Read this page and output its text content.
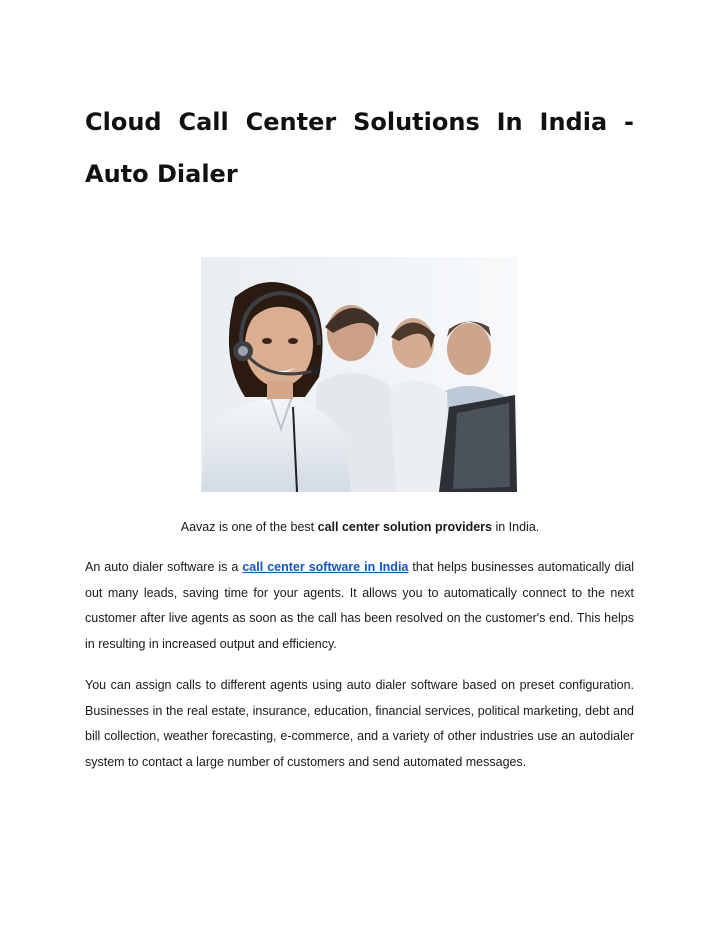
Cloud Call Center Solutions In India - Auto Dialer

Aavaz is one of the best call center solution providers in India.

An auto dialer software is a call center software in India that helps businesses automatically dial out many leads, saving time for your agents. It allows you to automatically connect to the next customer after live agents as soon as the call has been resolved on the customer's end. This helps in resulting in increased output and efficiency.

You can assign calls to different agents using auto dialer software based on preset configuration. Businesses in the real estate, insurance, education, financial services, political marketing, debt and bill collection, weather forecasting, e-commerce, and a variety of other industries use an autodialer system to contact a large number of customers and send automated messages.
